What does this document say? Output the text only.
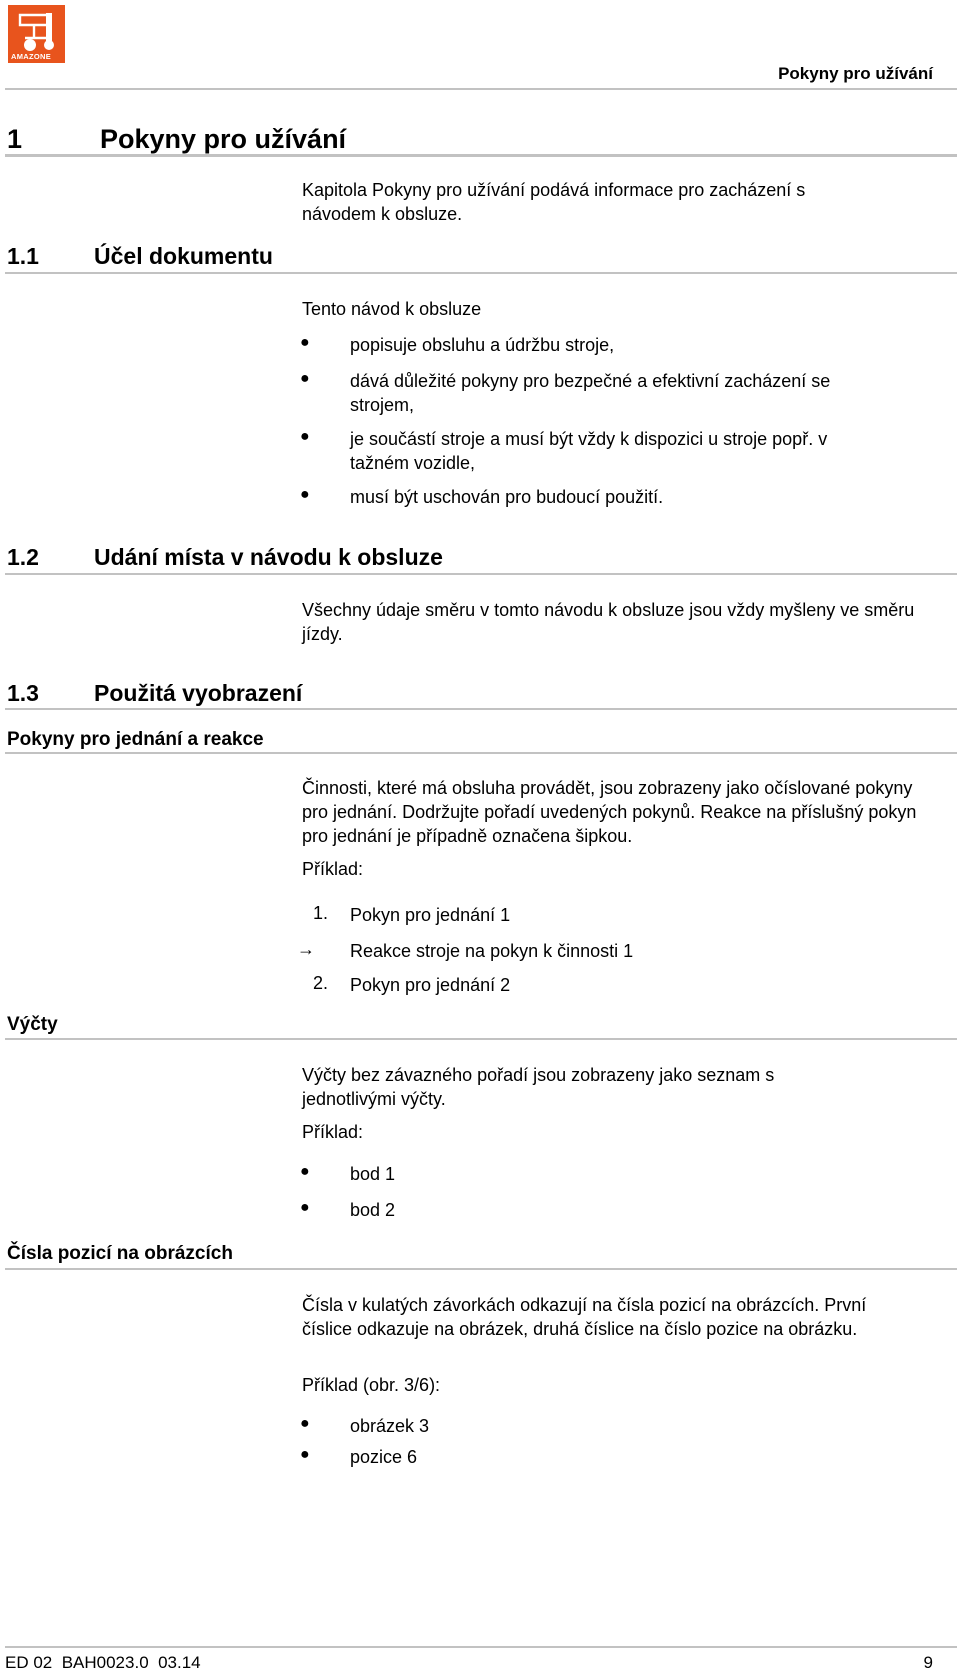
AMAZONE
Pokyny pro užívání
1	Pokyny pro užívání
Kapitola Pokyny pro užívání podává informace pro zacházení s návodem k obsluze.
1.1 Účel dokumentu
Tento návod k obsluze
● popisuje obsluhu a údržbu stroje,
● dává důležité pokyny pro bezpečné a efektivní zacházení se strojem,
● je součástí stroje a musí být vždy k dispozici u stroje popř. v tažném vozidle,
● musí být uschován pro budoucí použití.
1.2 Udání místa v návodu k obsluze
Všechny údaje směru v tomto návodu k obsluze jsou vždy myšleny ve směru jízdy.
1.3 Použitá vyobrazení
Pokyny pro jednání a reakce
Činnosti, které má obsluha provádět, jsou zobrazeny jako očíslované pokyny pro jednání. Dodržujte pořadí uvedených pokynů. Reakce na příslušný pokyn pro jednání je případně označena šipkou.
Příklad:
1. Pokyn pro jednání 1
→ Reakce stroje na pokyn k činnosti 1
2. Pokyn pro jednání 2
Výčty
Výčty bez závazného pořadí jsou zobrazeny jako seznam s jednotlivými výčty.
Příklad:
● bod 1
● bod 2
Čísla pozicí na obrázcích
Čísla v kulatých závorkách odkazují na čísla pozicí na obrázcích. První číslice odkazuje na obrázek, druhá číslice na číslo pozice na obrázku.
Příklad (obr. 3/6):
● obrázek 3
● pozice 6
ED 02  BAH0023.0  03.14	9
